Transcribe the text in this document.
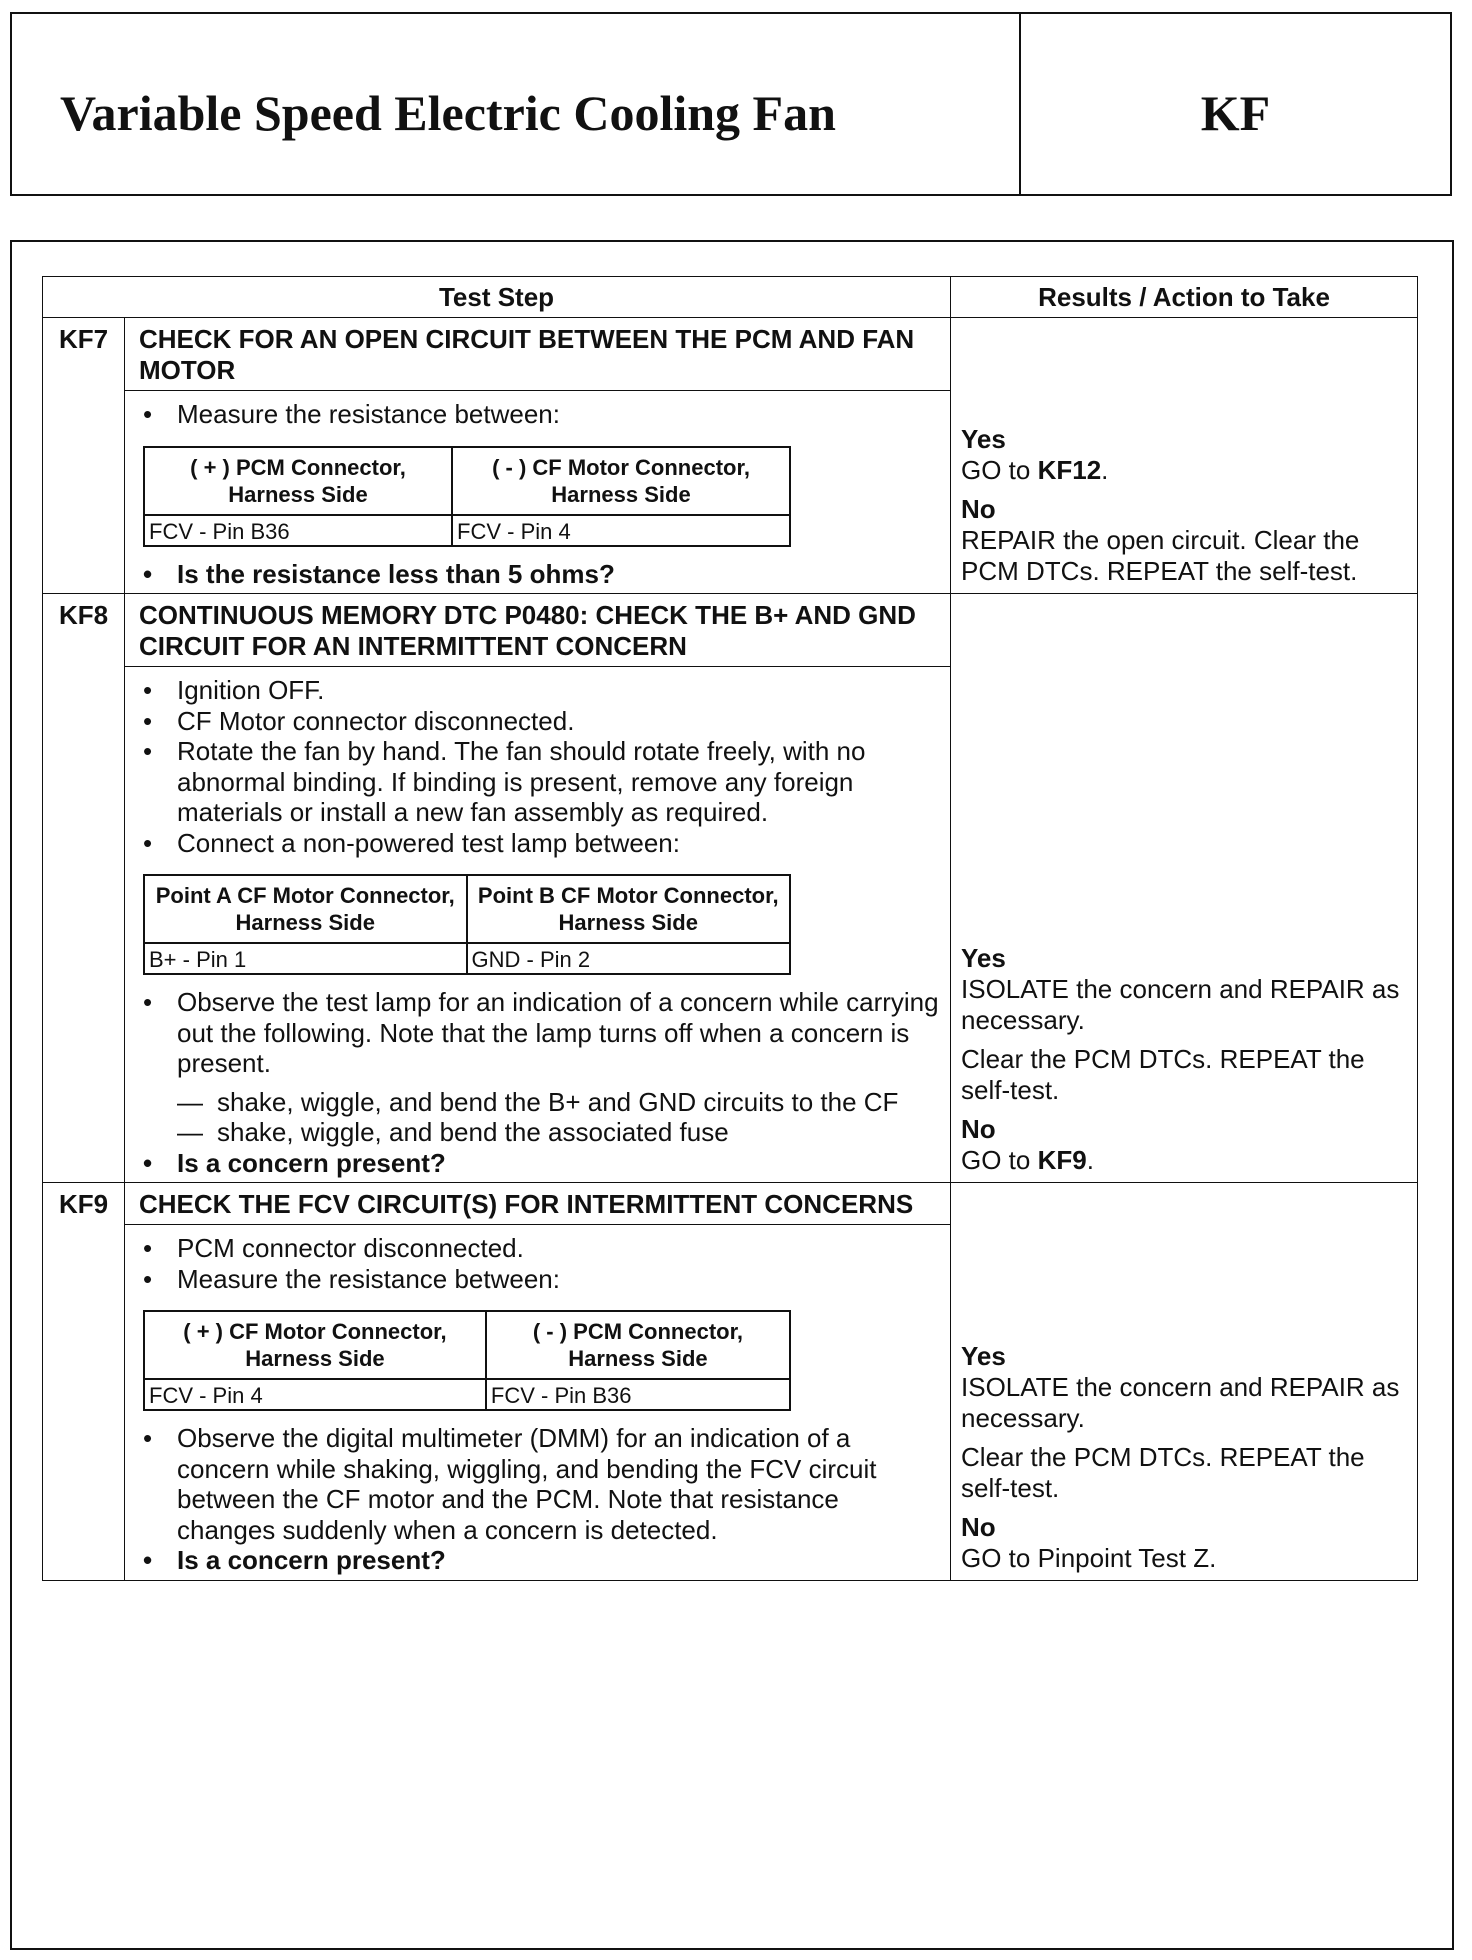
Variable Speed Electric Cooling Fan	KF
Test Step	Results / Action to Take
KF7	CHECK FOR AN OPEN CIRCUIT BETWEEN THE PCM AND FAN MOTOR	
Yes
GO to KF12.
No
REPAIR the open circuit. Clear the PCM DTCs. REPEAT the self-test.

• Measure the resistance between:
( + ) PCM Connector, Harness Side	( - ) CF Motor Connector, Harness Side
FCV - Pin B36	FCV - Pin 4
• Is the resistance less than 5 ohms?

KF8	CONTINUOUS MEMORY DTC P0480: CHECK THE B+ AND GND CIRCUIT FOR AN INTERMITTENT CONCERN	
Yes
ISOLATE the concern and REPAIR as necessary.
Clear the PCM DTCs. REPEAT the self-test.
No
GO to KF9.

• Ignition OFF.
• CF Motor connector disconnected.
• Rotate the fan by hand. The fan should rotate freely, with no abnormal binding. If binding is present, remove any foreign materials or install a new fan assembly as required.
• Connect a non-powered test lamp between:
Point A CF Motor Connector, Harness Side	Point B CF Motor Connector, Harness Side
B+ - Pin 1	GND - Pin 2
• Observe the test lamp for an indication of a concern while carrying out the following. Note that the lamp turns off when a concern is present.
— shake, wiggle, and bend the B+ and GND circuits to the CF
— shake, wiggle, and bend the associated fuse
• Is a concern present?

KF9	CHECK THE FCV CIRCUIT(S) FOR INTERMITTENT CONCERNS	
Yes
ISOLATE the concern and REPAIR as necessary.
Clear the PCM DTCs. REPEAT the self-test.
No
GO to Pinpoint Test Z.

• PCM connector disconnected.
• Measure the resistance between:
( + ) CF Motor Connector, Harness Side	( - ) PCM Connector, Harness Side
FCV - Pin 4	FCV - Pin B36
• Observe the digital multimeter (DMM) for an indication of a concern while shaking, wiggling, and bending the FCV circuit between the CF motor and the PCM. Note that resistance changes suddenly when a concern is detected.
• Is a concern present?
